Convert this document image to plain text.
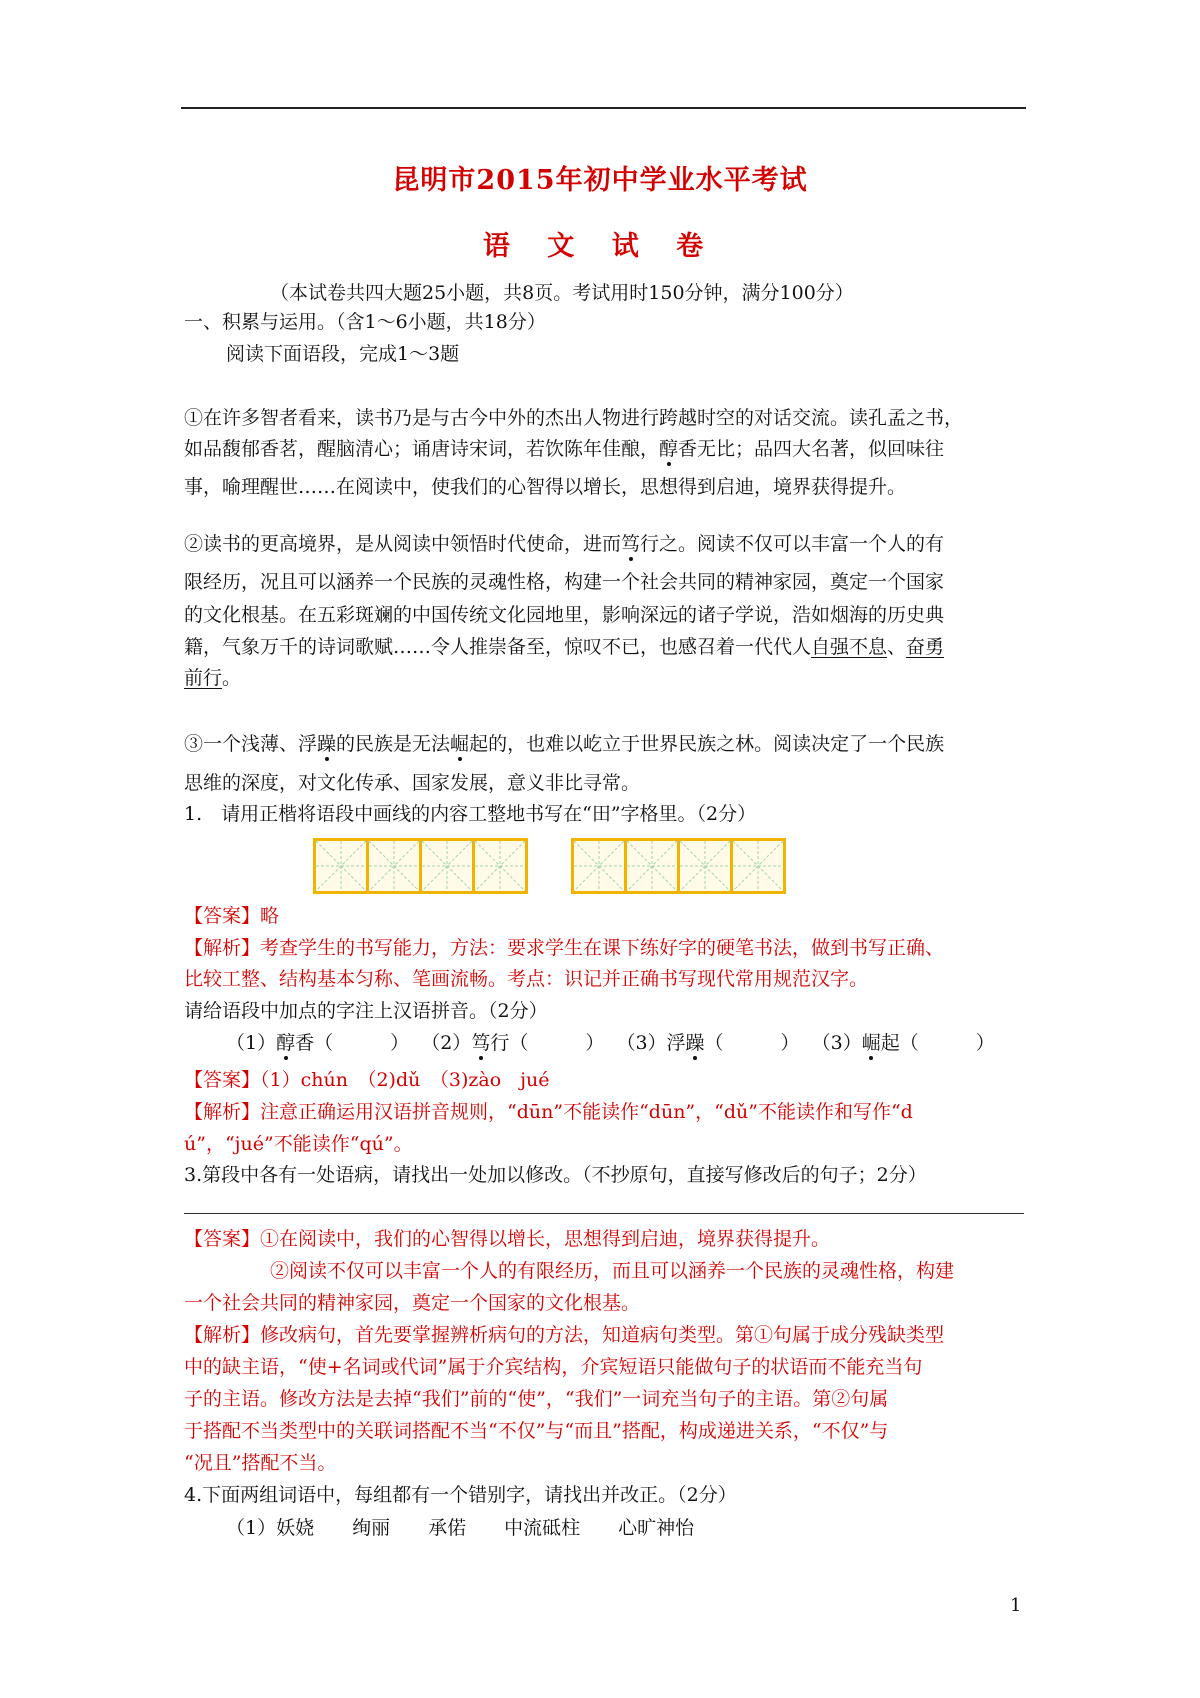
昆明市2015年初中学业水平考试
语 文 试 卷
（本试卷共四大题25小题，共8页。考试用时150分钟，满分100分）
一、积累与运用。（含1～6小题，共18分）
阅读下面语段，完成1～3题
①在许多智者看来，读书乃是与古今中外的杰出人物进行跨越时空的对话交流。读孔孟之书，
如品馥郁香茗，醒脑清心；诵唐诗宋词，若饮陈年佳酿，醇香无比；品四大名著，似回味往
事，喻理醒世……在阅读中，使我们的心智得以增长，思想得到启迪，境界获得提升。
②读书的更高境界，是从阅读中领悟时代使命，进而笃行之。阅读不仅可以丰富一个人的有
限经历，况且可以涵养一个民族的灵魂性格，构建一个社会共同的精神家园，奠定一个国家
的文化根基。在五彩斑斓的中国传统文化园地里，影响深远的诸子学说，浩如烟海的历史典
籍，气象万千的诗词歌赋……令人推崇备至，惊叹不已，也感召着一代代人自强不息、奋勇
前行。
③一个浅薄、浮躁的民族是无法崛起的，也难以屹立于世界民族之林。阅读决定了一个民族
思维的深度，对文化传承、国家发展，意义非比寻常。
1.　请用正楷将语段中画线的内容工整地书写在“田”字格里。（2分）
【答案】略
【解析】考查学生的书写能力，方法：要求学生在课下练好字的硬笔书法，做到书写正确、
比较工整、结构基本匀称、笔画流畅。考点：识记并正确书写现代常用规范汉字。
请给语段中加点的字注上汉语拼音。（2分）
（1）醇香（　　　） （2）笃行（　　　） （3）浮躁（　　　） （3）崛起（　　　）
【答案】（1）chún　（2)dǔ　（3)zào　jué
【解析】注意正确运用汉语拼音规则，“dūn”不能读作“dūn”，“dǔ”不能读作和写作“d
ú”，“jué”不能读作“qú”。
3.第段中各有一处语病，请找出一处加以修改。（不抄原句，直接写修改后的句子；2分）
【答案】①在阅读中，我们的心智得以增长，思想得到启迪，境界获得提升。
②阅读不仅可以丰富一个人的有限经历，而且可以涵养一个民族的灵魂性格，构建
一个社会共同的精神家园，奠定一个国家的文化根基。
【解析】修改病句，首先要掌握辨析病句的方法，知道病句类型。第①句属于成分残缺类型
中的缺主语，“使+名词或代词”属于介宾结构，介宾短语只能做句子的状语而不能充当句
子的主语。修改方法是去掉“我们”前的“使”，“我们”一词充当句子的主语。第②句属
于搭配不当类型中的关联词搭配不当“不仅”与“而且”搭配，构成递进关系，“不仅”与
“况且”搭配不当。
4.下面两组词语中，每组都有一个错别字，请找出并改正。（2分）
（1）妖娆　　绚丽　　承偌　　中流砥柱　　心旷神怡
1
